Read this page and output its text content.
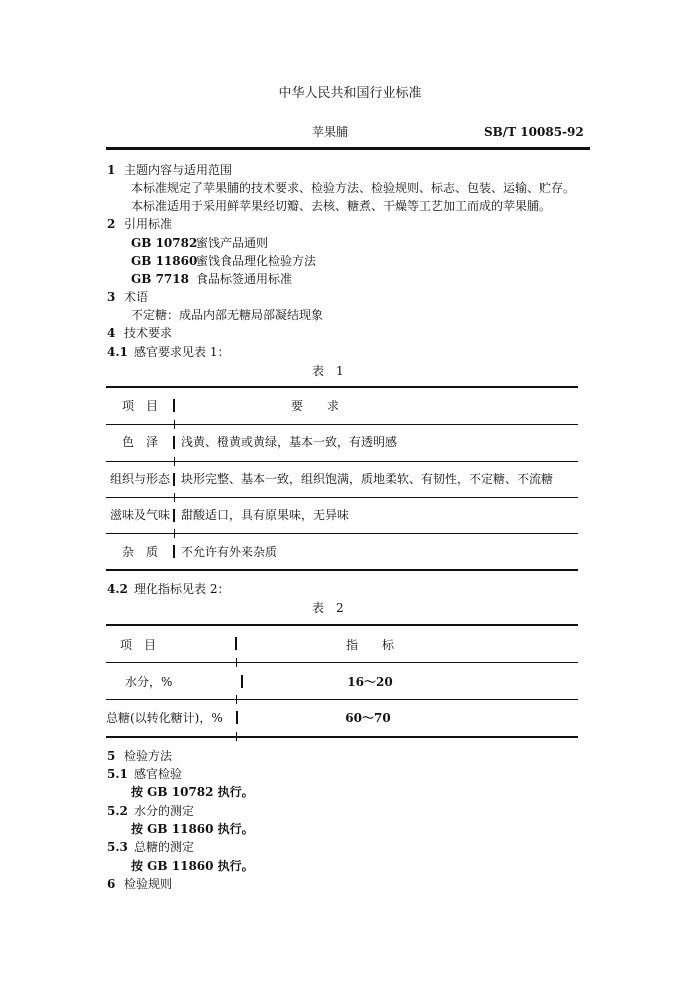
中华人民共和国行业标准
苹果脯	SB/T 10085-92
1 主题内容与适用范围
本标准规定了苹果脯的技术要求、检验方法、检验规则、标志、包装、运输、贮存。
本标准适用于采用鲜苹果经切瓣、去核、糖煮、干燥等工艺加工而成的苹果脯。
2 引用标准
GB 10782
蜜饯产品通则
GB 11860
蜜饯食品理化检验方法
GB 7718 食品标签通用标准
3 术语
不定糖：成品内部无糖局部凝结现象
4 技术要求
4.1 感官要求见表 1：
表　1
项　目	要　　求
色　泽	浅黄、橙黄或黄绿，基本一致，有透明感
组织与形态 块形完整、基本一致，组织饱满，质地柔软、有韧性，不定糖、不流糖
滋味及气味 甜酸适口，具有原果味，无异味
杂　质	不允许有外来杂质
4.2 理化指标见表 2：
表　2
项　目	指　　标
水分，%	16～20
总糖(以转化糖计)，%	60～70
5 检验方法
5.1 感官检验
按 GB 10782 执行。
5.2 水分的测定
按 GB 11860 执行。
5.3 总糖的测定
按 GB 11860 执行。
6 检验规则
